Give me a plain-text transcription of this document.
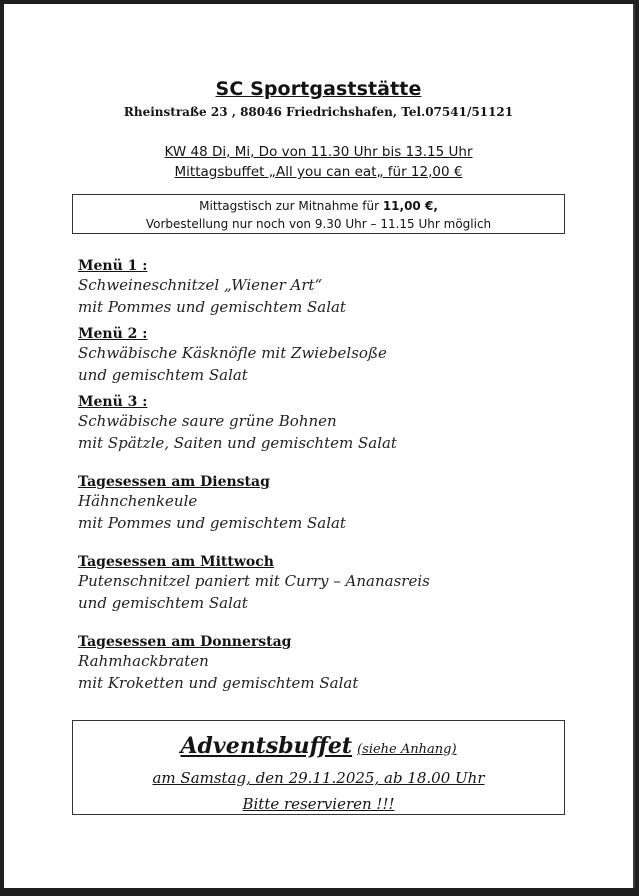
SC Sportgaststätte
Rheinstraße 23 , 88046 Friedrichshafen, Tel.07541/51121
KW 48 Di, Mi, Do von 11.30 Uhr bis 13.15 Uhr
Mittagsbuffet „All you can eat„ für 12,00 €
Mittagstisch zur Mitnahme für 11,00 €,
Vorbestellung nur noch von 9.30 Uhr – 11.15 Uhr möglich
Menü 1 :
Schweineschnitzel „Wiener Art“
mit Pommes und gemischtem Salat
Menü 2 :
Schwäbische Käsknöfle mit Zwiebelsoße
und gemischtem Salat
Menü 3 :
Schwäbische saure grüne Bohnen
mit Spätzle, Saiten und gemischtem Salat
Tagesessen am Dienstag
Hähnchenkeule
mit Pommes und gemischtem Salat
Tagesessen am Mittwoch
Putenschnitzel paniert mit Curry – Ananasreis
und gemischtem Salat
Tagesessen am Donnerstag
Rahmhackbraten
mit Kroketten und gemischtem Salat
Adventsbuffet (siehe Anhang)
am Samstag, den 29.11.2025, ab 18.00 Uhr
Bitte reservieren !!!
